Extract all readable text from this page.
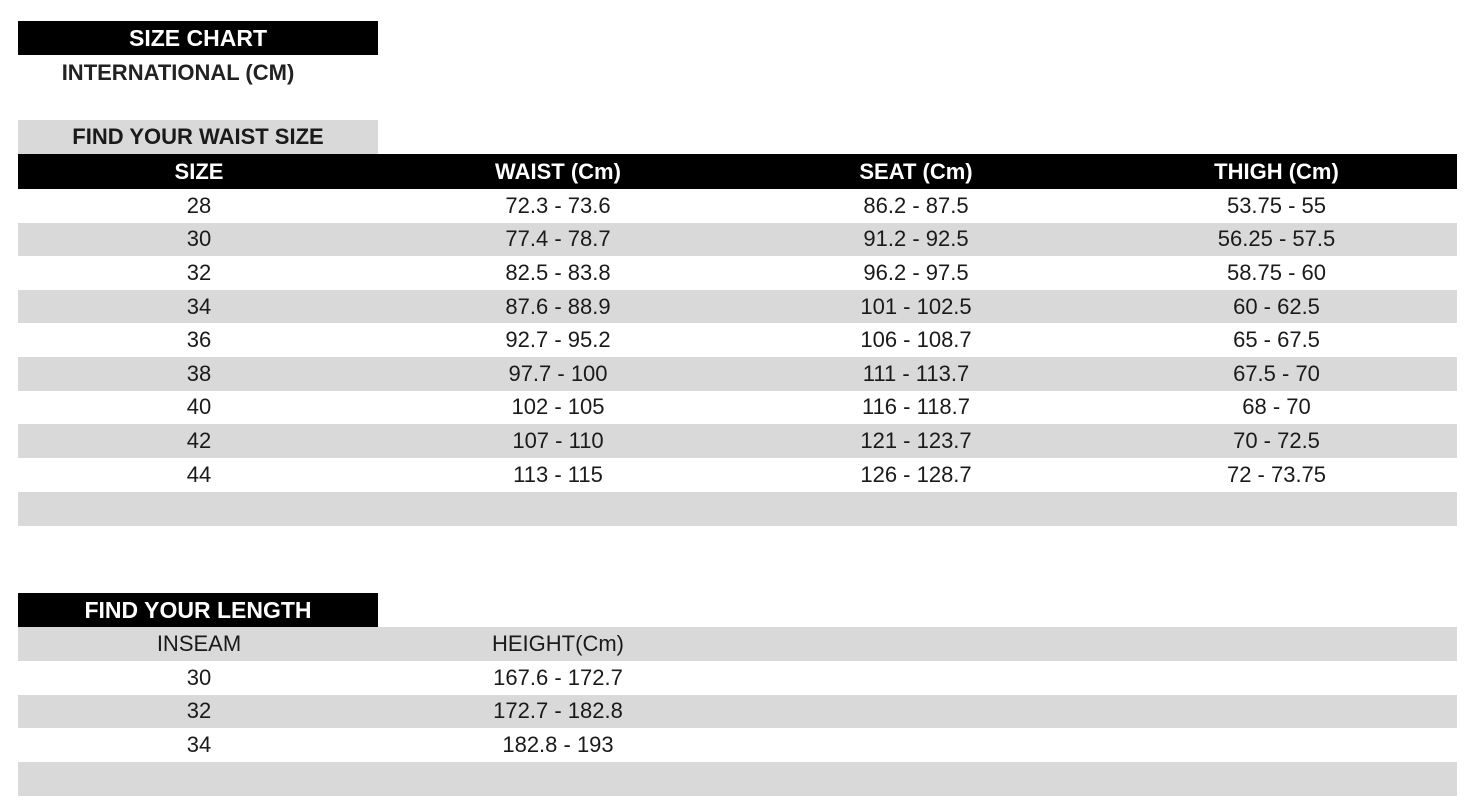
SIZE CHART
INTERNATIONAL (CM)
FIND YOUR WAIST SIZE
SIZE	WAIST (Cm)	SEAT (Cm)	THIGH (Cm)
28	72.3 - 73.6	86.2 - 87.5	53.75 - 55
30	77.4 - 78.7	91.2 - 92.5	56.25 - 57.5
32	82.5 - 83.8	96.2 - 97.5	58.75 - 60
34	87.6 - 88.9	101 - 102.5	60 - 62.5
36	92.7 - 95.2	106 - 108.7	65 - 67.5
38	97.7 - 100	111 - 113.7	67.5 - 70
40	102 - 105	116 - 118.7	68 - 70
42	107 - 110	121 - 123.7	70 - 72.5
44	113 - 115	126 - 128.7	72 - 73.75
FIND YOUR LENGTH
INSEAM	HEIGHT(Cm)	
30	167.6 - 172.7	
32	172.7 - 182.8	
34	182.8 - 193	
